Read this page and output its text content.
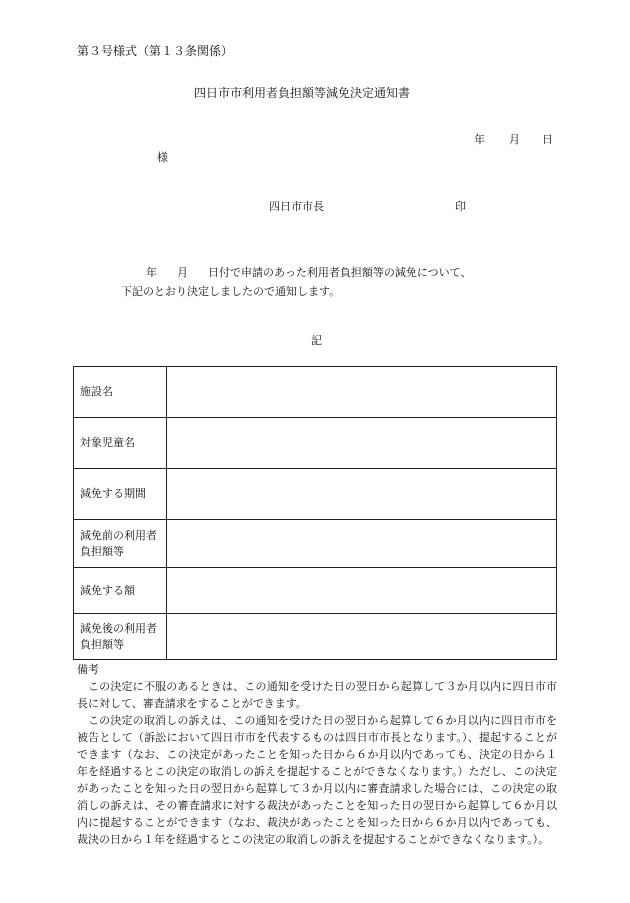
第３号様式（第１３条関係）
四日市市利用者負担額等減免決定通知書
年 月 日
様
四日市市長	印
年 月 日付で申請のあった利用者負担額等の減免について、
下記のとおり決定しましたので通知します。
記
施設名	
対象児童名	
減免する期間	
減免前の利用者
負担額等	
減免する額	
減免後の利用者
負担額等	
備考

この決定に不服のあるときは、この通知を受けた日の翌日から起算して３か月以内に四日市市長に対して、審査請求をすることができます。

この決定の取消しの訴えは、この通知を受けた日の翌日から起算して６か月以内に四日市市を被告として（訴訟において四日市市を代表するものは四日市市長となります。）、提起することができます（なお、この決定があったことを知った日から６か月以内であっても、決定の日から１年を経過するとこの決定の取消しの訴えを提起することができなくなります。）ただし、この決定があったことを知った日の翌日から起算して３か月以内に審査請求した場合には、この決定の取消しの訴えは、その審査請求に対する裁決があったことを知った日の翌日から起算して６か月以内に提起することができます（なお、裁決があったことを知った日から６か月以内であっても、裁決の日から１年を経過するとこの決定の取消しの訴えを提起することができなくなります。）。
